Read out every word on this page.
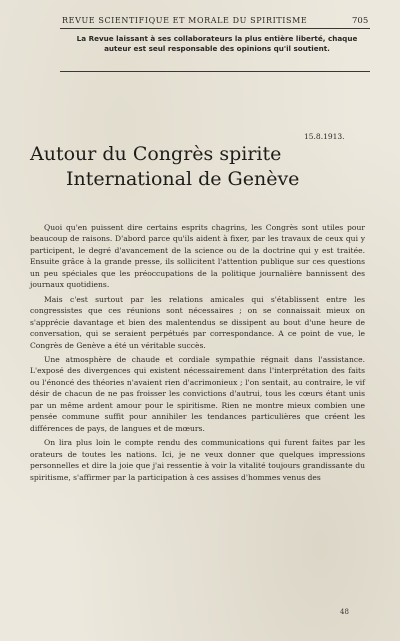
REVUE SCIENTIFIQUE ET MORALE DU SPIRITISME	705
La Revue laissant à ses collaborateurs la plus entière liberté, chaque auteur est seul responsable des opinions qu'il soutient.
15.8.1913.
Autour du Congrès spirite
International de Genève

Quoi qu'en puissent dire certains esprits chagrins, les Congrès sont utiles pour beaucoup de raisons. D'abord parce qu'ils aident à fixer, par les travaux de ceux qui y participent, le degré d'avancement de la science ou de la doctrine qui y est traitée. Ensuite grâce à la grande presse, ils sollicitent l'attention publique sur ces questions un peu spéciales que les préoccupations de la politique journalière bannissent des journaux quotidiens.

Mais c'est surtout par les relations amicales qui s'établissent entre les congressistes que ces réunions sont nécessaires ; on se connaissait mieux on s'apprécie davantage et bien des malentendus se dissipent au bout d'une heure de conversation, qui se seraient perpétués par correspondance. A ce point de vue, le Congrès de Genève a été un véritable succès.

Une atmosphère de chaude et cordiale sympathie régnait dans l'assistance. L'exposé des divergences qui existent nécessairement dans l'interprétation des faits ou l'énoncé des théories n'avaient rien d'acrimonieux ; l'on sentait, au contraire, le vif désir de chacun de ne pas froisser les convictions d'autrui, tous les cœurs étant unis par un même ardent amour pour le spiritisme. Rien ne montre mieux combien une pensée commune suffit pour annihiler les tendances particulières que créent les différences de pays, de langues et de mœurs.

On lira plus loin le compte rendu des communications qui furent faites par les orateurs de toutes les nations. Ici, je ne veux donner que quelques impressions personnelles et dire la joie que j'ai ressentie à voir la vitalité toujours grandissante du spiritisme, s'affirmer par la participation à ces assises d'hommes venus des

48
